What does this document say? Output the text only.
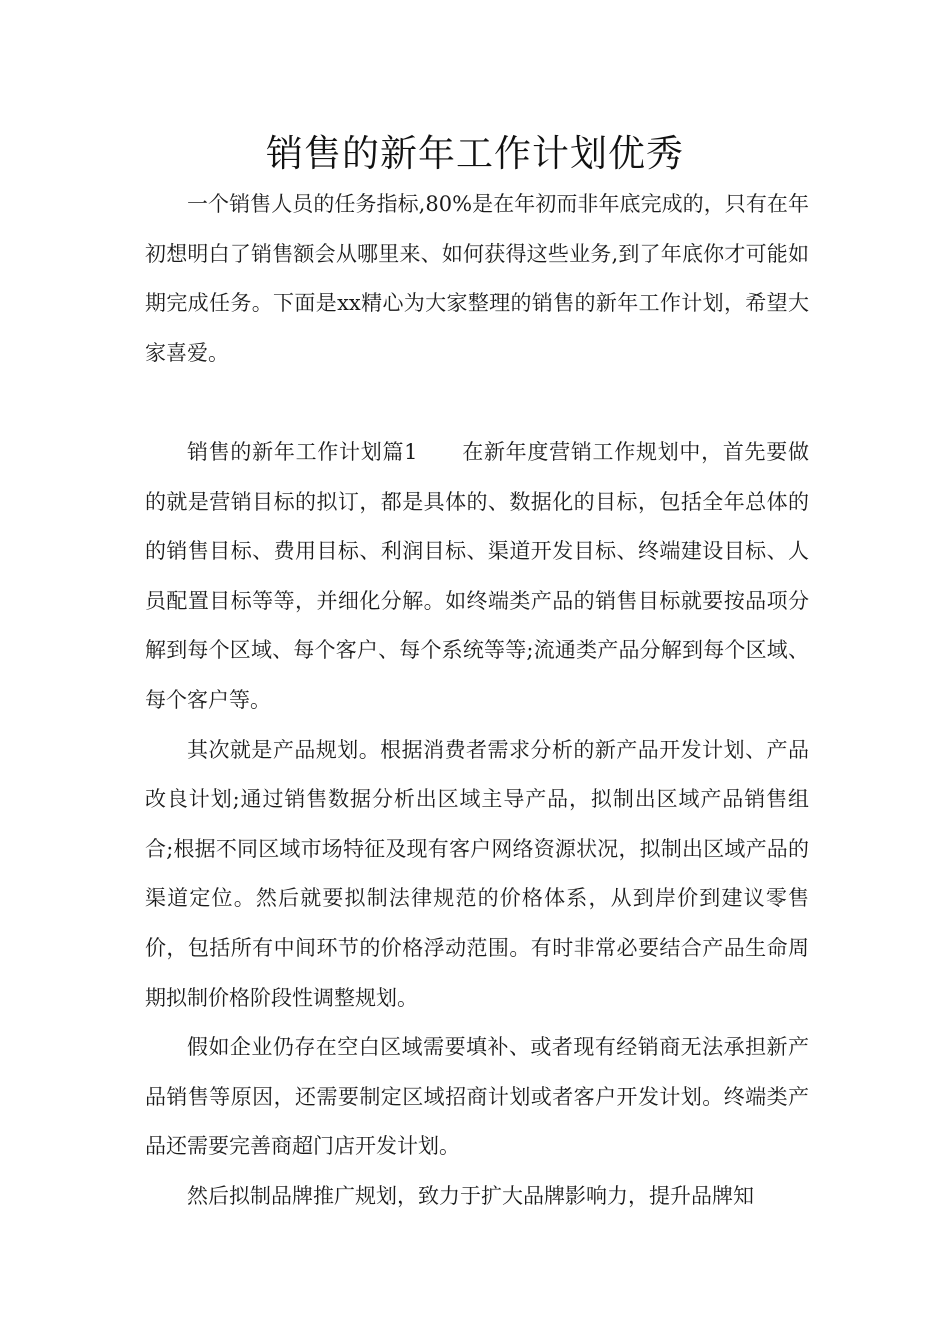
销售的新年工作计划优秀

一个销售人员的任务指标,80%是在年初而非年底完成的，只有在年初想明白了销售额会从哪里来、如何获得这些业务,到了年底你才可能如期完成任务。下面是xx精心为大家整理的销售的新年工作计划，希望大家喜爱。

销售的新年工作计划篇1 在新年度营销工作规划中，首先要做的就是营销目标的拟订，都是具体的、数据化的目标，包括全年总体的的销售目标、费用目标、利润目标、渠道开发目标、终端建设目标、人员配置目标等等，并细化分解。如终端类产品的销售目标就要按品项分解到每个区域、每个客户、每个系统等等;流通类产品分解到每个区域、每个客户等。

其次就是产品规划。根据消费者需求分析的新产品开发计划、产品改良计划;通过销售数据分析出区域主导产品，拟制出区域产品销售组合;根据不同区域市场特征及现有客户网络资源状况，拟制出区域产品的渠道定位。然后就要拟制法律规范的价格体系，从到岸价到建议零售价，包括所有中间环节的价格浮动范围。有时非常必要结合产品生命周期拟制价格阶段性调整规划。

假如企业仍存在空白区域需要填补、或者现有经销商无法承担新产品销售等原因，还需要制定区域招商计划或者客户开发计划。终端类产品还需要完善商超门店开发计划。

然后拟制品牌推广规划，致力于扩大品牌影响力，提升品牌知
